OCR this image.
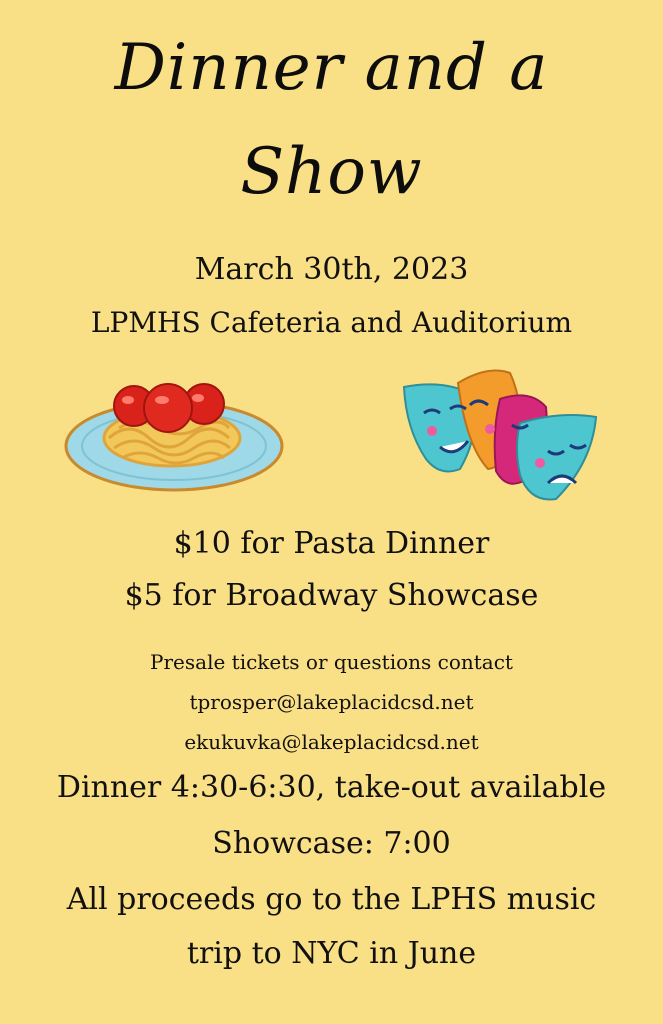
Dinner and a
Show
March 30th, 2023
LPMHS Cafeteria and Auditorium
$10 for Pasta Dinner
$5 for Broadway Showcase
Presale tickets or questions contact
tprosper@lakeplacidcsd.net
ekukuvka@lakeplacidcsd.net
Dinner 4:30-6:30, take-out available
Showcase: 7:00
All proceeds go to the LPHS music
trip to NYC in June
